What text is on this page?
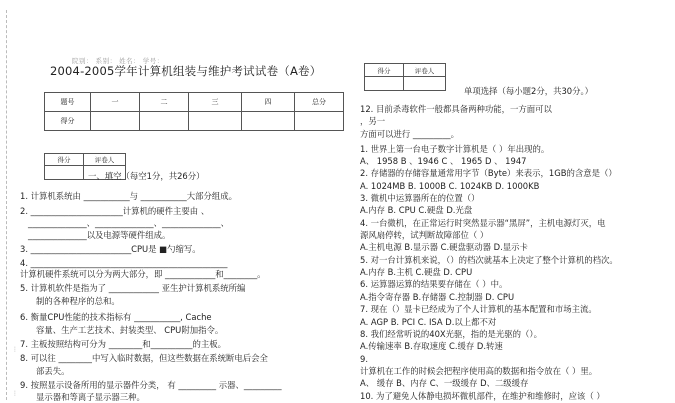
⋮
⋮
院别： 系别： 姓名： 学号：
2004-2005学年计算机组装与维护考试试卷（A卷）
题号	一	二	三	四	总分
得分					
得分	评卷人

一、填空（每空1分，共26分）
1. 计算机系统由 ___________与 ___________大部分组成。
2. ______________________计算机的硬件主要由 、
______________、______________、______________、
______________以及电源等硬件组成。
3. ________________________CPU是 ■勺缩写。
4. _______________________________________________
计算机硬件系统可以分为两大部分，即 ____________和________。
5. 计算机软件是指为了 ____________ 亚生护计算机系统所编
制的各种程序的总和。
6. 衡量CPU性能的技术指标有 ___________, Cache
容量、生产工艺技术、封装类型、 CPU附加指令。
7. 主板按照结构可分为 ________和__________的主板。
8. 可以往 ________中写入临时数据，但这些数据在系统断电后会全
部丢失。
9. 按照显示设备所用的显示器件分类， 有 _________ 示器、_________
显示器和等离子显示器三种。
得分	评卷人

单项选择（每小题2分，共30分。）
12. 目前杀毒软件一般都具备两种功能，一方面可以
，另一
方面可以进行 _________。
1. 世界上第一台电子数字计算机是（ ）年出现的。
A、 1958 B 、1946 C 、 1965 D 、 1947
2. 存储器的存储容量通常用字节（Byte）来表示，1GB的含意是（）
A. 1024MB B. 1000B C. 1024KB D. 1000KB
3. 微机中运算器所在的位置（）
A.内存 B. CPU C.硬盘 D.光盘
4. 一台微机，在正常运行时突然显示器“黑屏”，主机电源灯灭，电
源风扇停转，试判断故障部位（ ）
A.主机电源 B.显示器 C.硬盘驱动器 D.显示卡
5. 对一台计算机来说，（）的档次就基本上决定了整个计算机的档次。
A.内存 B.主机 C.硬盘 D. CPU
6. 运算器运算的结果要存储在（ ）中。
A.指令寄存器 B.存储器 C.控制器 D. CPU
7. 现在（）显卡已经成为了个人计算机的基本配置和市场主流。
A. AGP B. PCI C. ISA D.以上都不对
8. 我们经常听说的40X光驱，指的是光驱的（）。
A.传输速率 B.存取速度 C.缓存 D.转速
9.
计算机在工作的时候会把程序使用高的数据和指令放在（ ）里。
A、 缓存 B、内存 C、一级缓存 D、二级缓存
10. 为了避免人体静电损坏微机部件，在维护和维修时，应该（ ）
